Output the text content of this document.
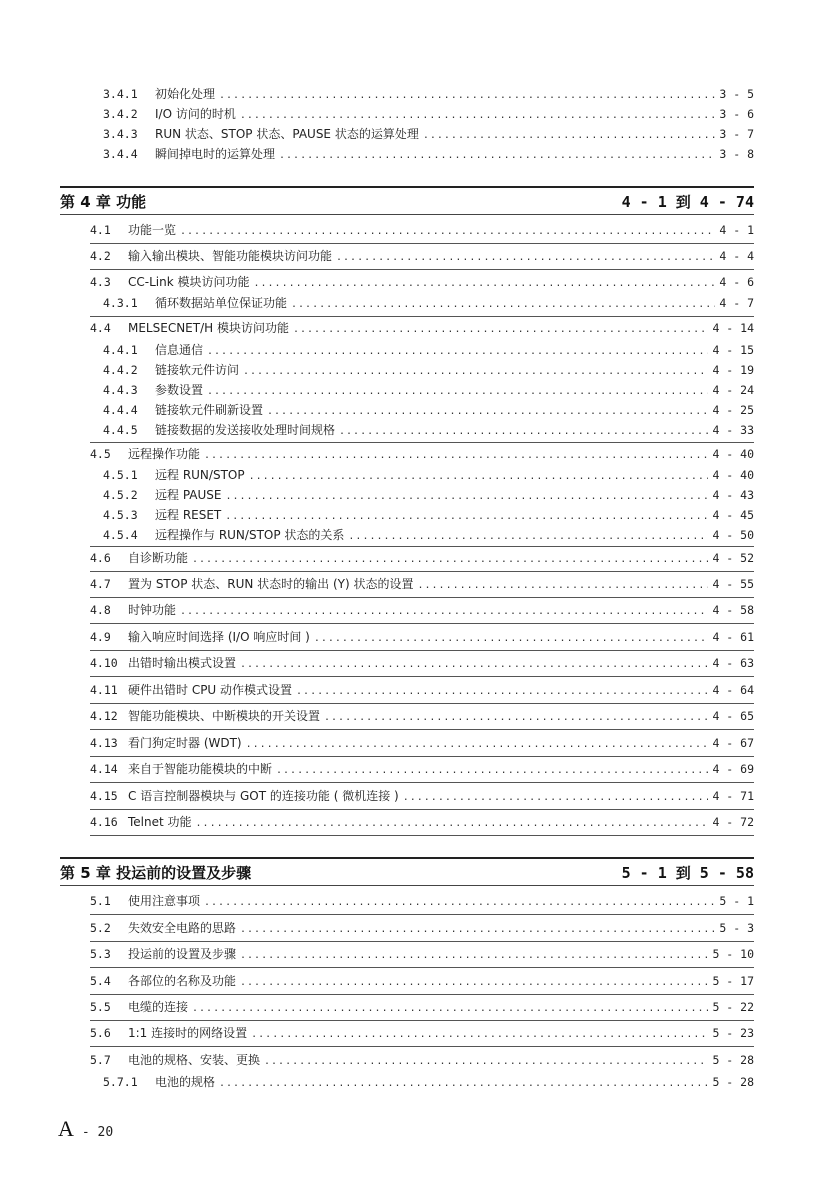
3.4.1	初始化处理 .....	3 - 5
3.4.2	I/O 访问的时机 .....	3 - 6
3.4.3	RUN 状态、STOP 状态、PAUSE 状态的运算处理 .....	3 - 7
3.4.4	瞬间掉电时的运算处理 .....	3 - 8
第 4 章 功能	4 - 1 到 4 - 74
4.1	功能一览 .....	4 - 1
4.2	输入输出模块、智能功能模块访问功能 .....	4 - 4
4.3	CC-Link 模块访问功能 .....	4 - 6
4.3.1	循环数据站单位保证功能 .....	4 - 7
4.4	MELSECNET/H 模块访问功能 .....	4 - 14
4.4.1	信息通信 .....	4 - 15
4.4.2	链接软元件访问 .....	4 - 19
4.4.3	参数设置 .....	4 - 24
4.4.4	链接软元件刷新设置 .....	4 - 25
4.4.5	链接数据的发送接收处理时间规格 .....	4 - 33
4.5	远程操作功能 .....	4 - 40
4.5.1	远程 RUN/STOP .....	4 - 40
4.5.2	远程 PAUSE .....	4 - 43
4.5.3	远程 RESET .....	4 - 45
4.5.4	远程操作与 RUN/STOP 状态的关系 .....	4 - 50
4.6	自诊断功能 .....	4 - 52
4.7	置为 STOP 状态、RUN 状态时的输出 (Y) 状态的设置 .....	4 - 55
4.8	时钟功能 .....	4 - 58
4.9	输入响应时间选择 (I/O 响应时间 ) .....	4 - 61
4.10 出错时输出模式设置 .....	4 - 63
4.11 硬件出错时 CPU 动作模式设置 .....	4 - 64
4.12 智能功能模块、中断模块的开关设置 .....	4 - 65
4.13 看门狗定时器 (WDT) .....	4 - 67
4.14 来自于智能功能模块的中断 .....	4 - 69
4.15 C 语言控制器模块与 GOT 的连接功能 ( 微机连接 ) .....	4 - 71
4.16 Telnet 功能 .....	4 - 72
第 5 章 投运前的设置及步骤	5 - 1 到 5 - 58
5.1	使用注意事项 .....	5 - 1
5.2	失效安全电路的思路 .....	5 - 3
5.3	投运前的设置及步骤 .....	5 - 10
5.4	各部位的名称及功能 .....	5 - 17
5.5	电缆的连接 .....	5 - 22
5.6	1:1 连接时的网络设置 .....	5 - 23
5.7	电池的规格、安装、更换 .....	5 - 28
5.7.1	电池的规格 .....	5 - 28
A - 20
